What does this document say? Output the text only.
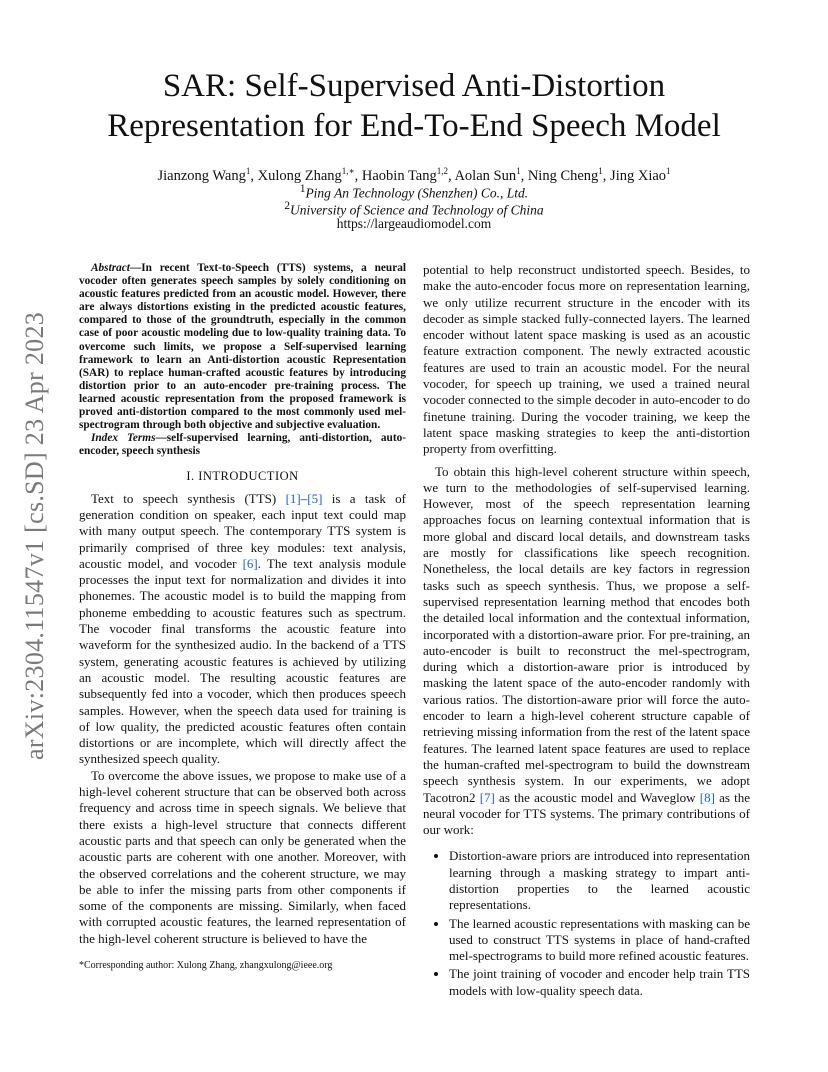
arXiv:2304.11547v1 [cs.SD] 23 Apr 2023
SAR: Self-Supervised Anti-Distortion
Representation for End-To-End Speech Model
Jianzong Wang$^1$, Xulong Zhang$^{1,∗}$, Haobin Tang$^{1,2}$, Aolan Sun$^1$, Ning Cheng$^1$, Jing Xiao$^1$
$^1$Ping An Technology (Shenzhen) Co., Ltd.
$^2$University of Science and Technology of China
https://largeaudiomodel.com

Abstract—In recent Text-to-Speech (TTS) systems, a neural vocoder often generates speech samples by solely conditioning on acoustic features predicted from an acoustic model. However, there are always distortions existing in the predicted acoustic features, compared to those of the groundtruth, especially in the common case of poor acoustic modeling due to low-quality training data. To overcome such limits, we propose a Self-supervised learning framework to learn an Anti-distortion acoustic Representation (SAR) to replace human-crafted acoustic features by introducing distortion prior to an auto-encoder pre-training process. The learned acoustic representation from the proposed framework is proved anti-distortion compared to the most commonly used mel-spectrogram through both objective and subjective evaluation.

Index Terms—self-supervised learning, anti-distortion, auto-encoder, speech synthesis

I. INTRODUCTION

Text to speech synthesis (TTS) [1]–[5] is a task of generation condition on speaker, each input text could map with many output speech. The contemporary TTS system is primarily comprised of three key modules: text analysis, acoustic model, and vocoder [6]. The text analysis module processes the input text for normalization and divides it into phonemes. The acoustic model is to build the mapping from phoneme embedding to acoustic features such as spectrum. The vocoder final transforms the acoustic feature into waveform for the synthesized audio. In the backend of a TTS system, generating acoustic features is achieved by utilizing an acoustic model. The resulting acoustic features are subsequently fed into a vocoder, which then produces speech samples. However, when the speech data used for training is of low quality, the predicted acoustic features often contain distortions or are incomplete, which will directly affect the synthesized speech quality.

To overcome the above issues, we propose to make use of a high-level coherent structure that can be observed both across frequency and across time in speech signals. We believe that there exists a high-level structure that connects different acoustic parts and that speech can only be generated when the acoustic parts are coherent with one another. Moreover, with the observed correlations and the coherent structure, we may be able to infer the missing parts from other components if some of the components are missing. Similarly, when faced with corrupted acoustic features, the learned representation of the high-level coherent structure is believed to have the

potential to help reconstruct undistorted speech. Besides, to make the auto-encoder focus more on representation learning, we only utilize recurrent structure in the encoder with its decoder as simple stacked fully-connected layers. The learned encoder without latent space masking is used as an acoustic feature extraction component. The newly extracted acoustic features are used to train an acoustic model. For the neural vocoder, for speech up training, we used a trained neural vocoder connected to the simple decoder in auto-encoder to do finetune training. During the vocoder training, we keep the latent space masking strategies to keep the anti-distortion property from overfitting.

To obtain this high-level coherent structure within speech, we turn to the methodologies of self-supervised learning. However, most of the speech representation learning approaches focus on learning contextual information that is more global and discard local details, and downstream tasks are mostly for classifications like speech recognition. Nonetheless, the local details are key factors in regression tasks such as speech synthesis. Thus, we propose a self-supervised representation learning method that encodes both the detailed local information and the contextual information, incorporated with a distortion-aware prior. For pre-training, an auto-encoder is built to reconstruct the mel-spectrogram, during which a distortion-aware prior is introduced by masking the latent space of the auto-encoder randomly with various ratios. The distortion-aware prior will force the auto-encoder to learn a high-level coherent structure capable of retrieving missing information from the rest of the latent space features. The learned latent space features are used to replace the human-crafted mel-spectrogram to build the downstream speech synthesis system. In our experiments, we adopt Tacotron2 [7] as the acoustic model and Waveglow [8] as the neural vocoder for TTS systems. The primary contributions of our work:

• Distortion-aware priors are introduced into representation learning through a masking strategy to impart anti-distortion properties to the learned acoustic representations.
• The learned acoustic representations with masking can be used to construct TTS systems in place of hand-crafted mel-spectrograms to build more refined acoustic features.
• The joint training of vocoder and encoder help train TTS models with low-quality speech data.
*Corresponding author: Xulong Zhang, zhangxulong@ieee.org
